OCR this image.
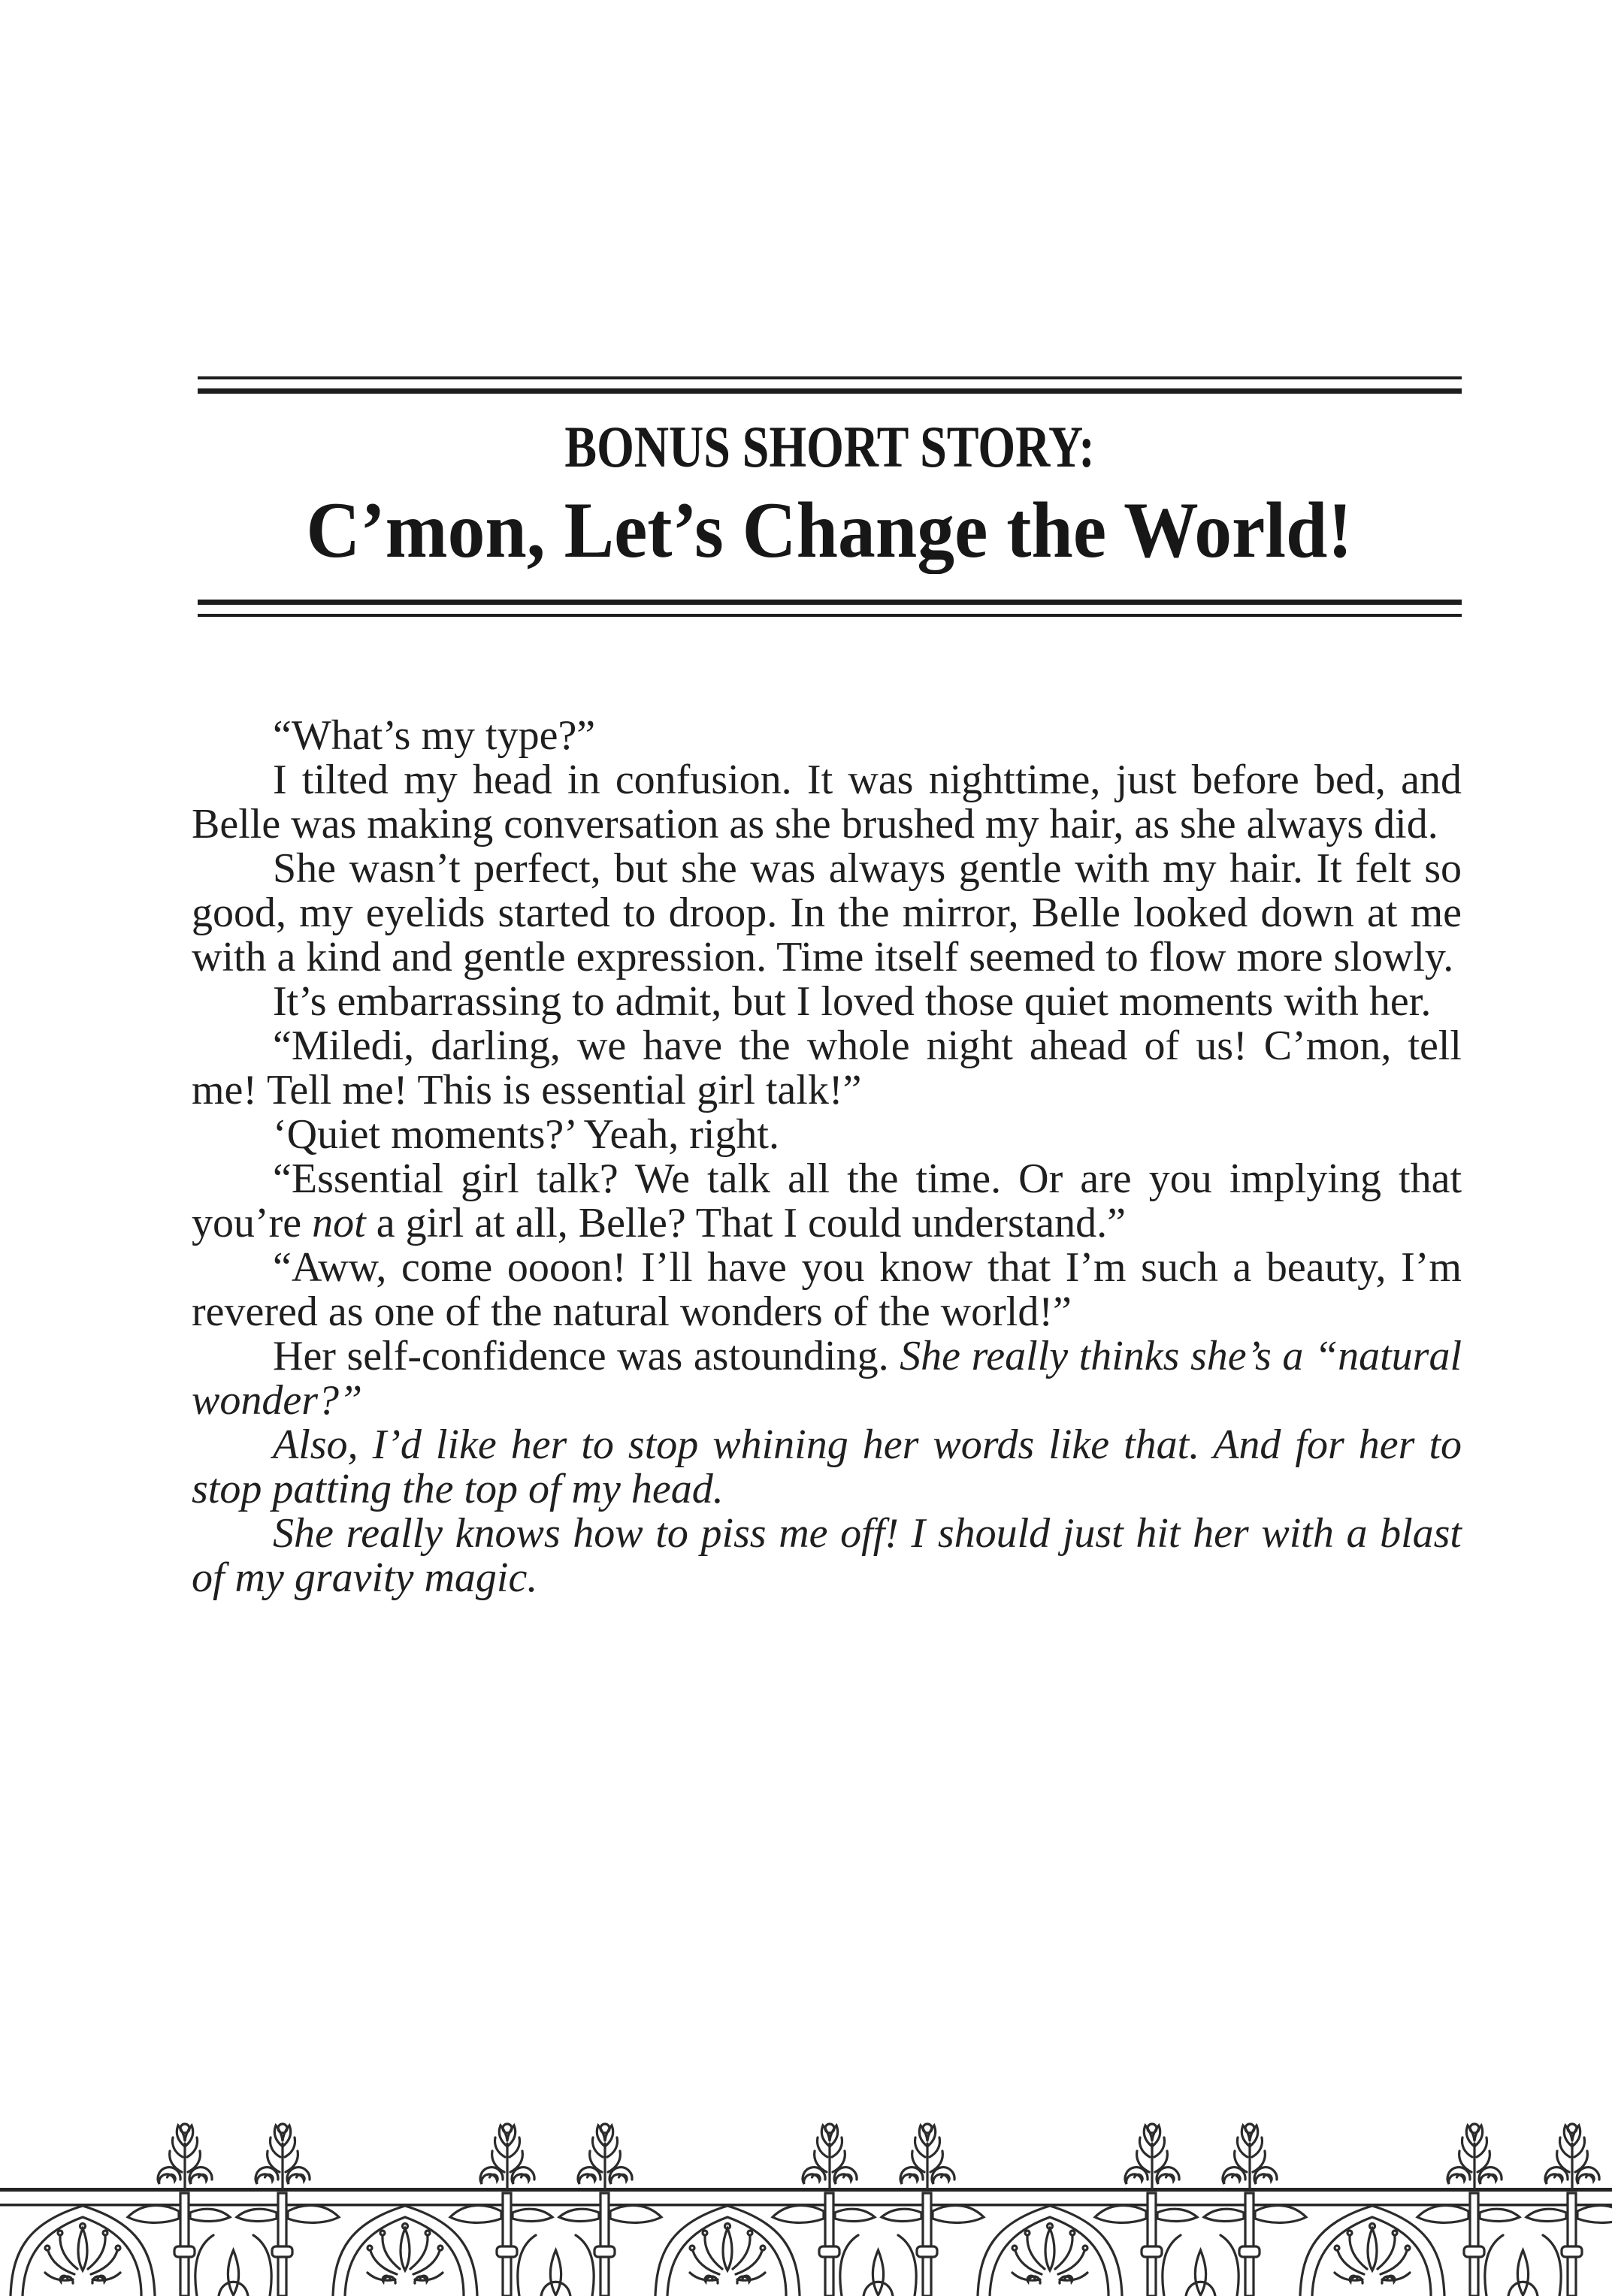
BONUS SHORT STORY:
C’mon, Let’s Change the World!

“What’s my type?”

I tilted my head in confusion. It was nighttime, just before bed, and Belle was making conversation as she brushed my hair, as she always did.

She wasn’t perfect, but she was always gentle with my hair. It felt so good, my eyelids started to droop. In the mirror, Belle looked down at me with a kind and gentle expression. Time itself seemed to flow more slowly.

It’s embarrassing to admit, but I loved those quiet moments with her.

“Miledi, darling, we have the whole night ahead of us! C’mon, tell me! Tell me! This is essential girl talk!”

‘Quiet moments?’ Yeah, right.

“Essential girl talk? We talk all the time. Or are you implying that you’re not a girl at all, Belle? That I could understand.”

“Aww, come oooon! I’ll have you know that I’m such a beauty, I’m revered as one of the natural wonders of the world!”

Her self-confidence was astounding. She really thinks she’s a “natural wonder?”

Also, I’d like her to stop whining her words like that. And for her to stop patting the top of my head.

She really knows how to piss me off! I should just hit her with a blast of my gravity magic.
